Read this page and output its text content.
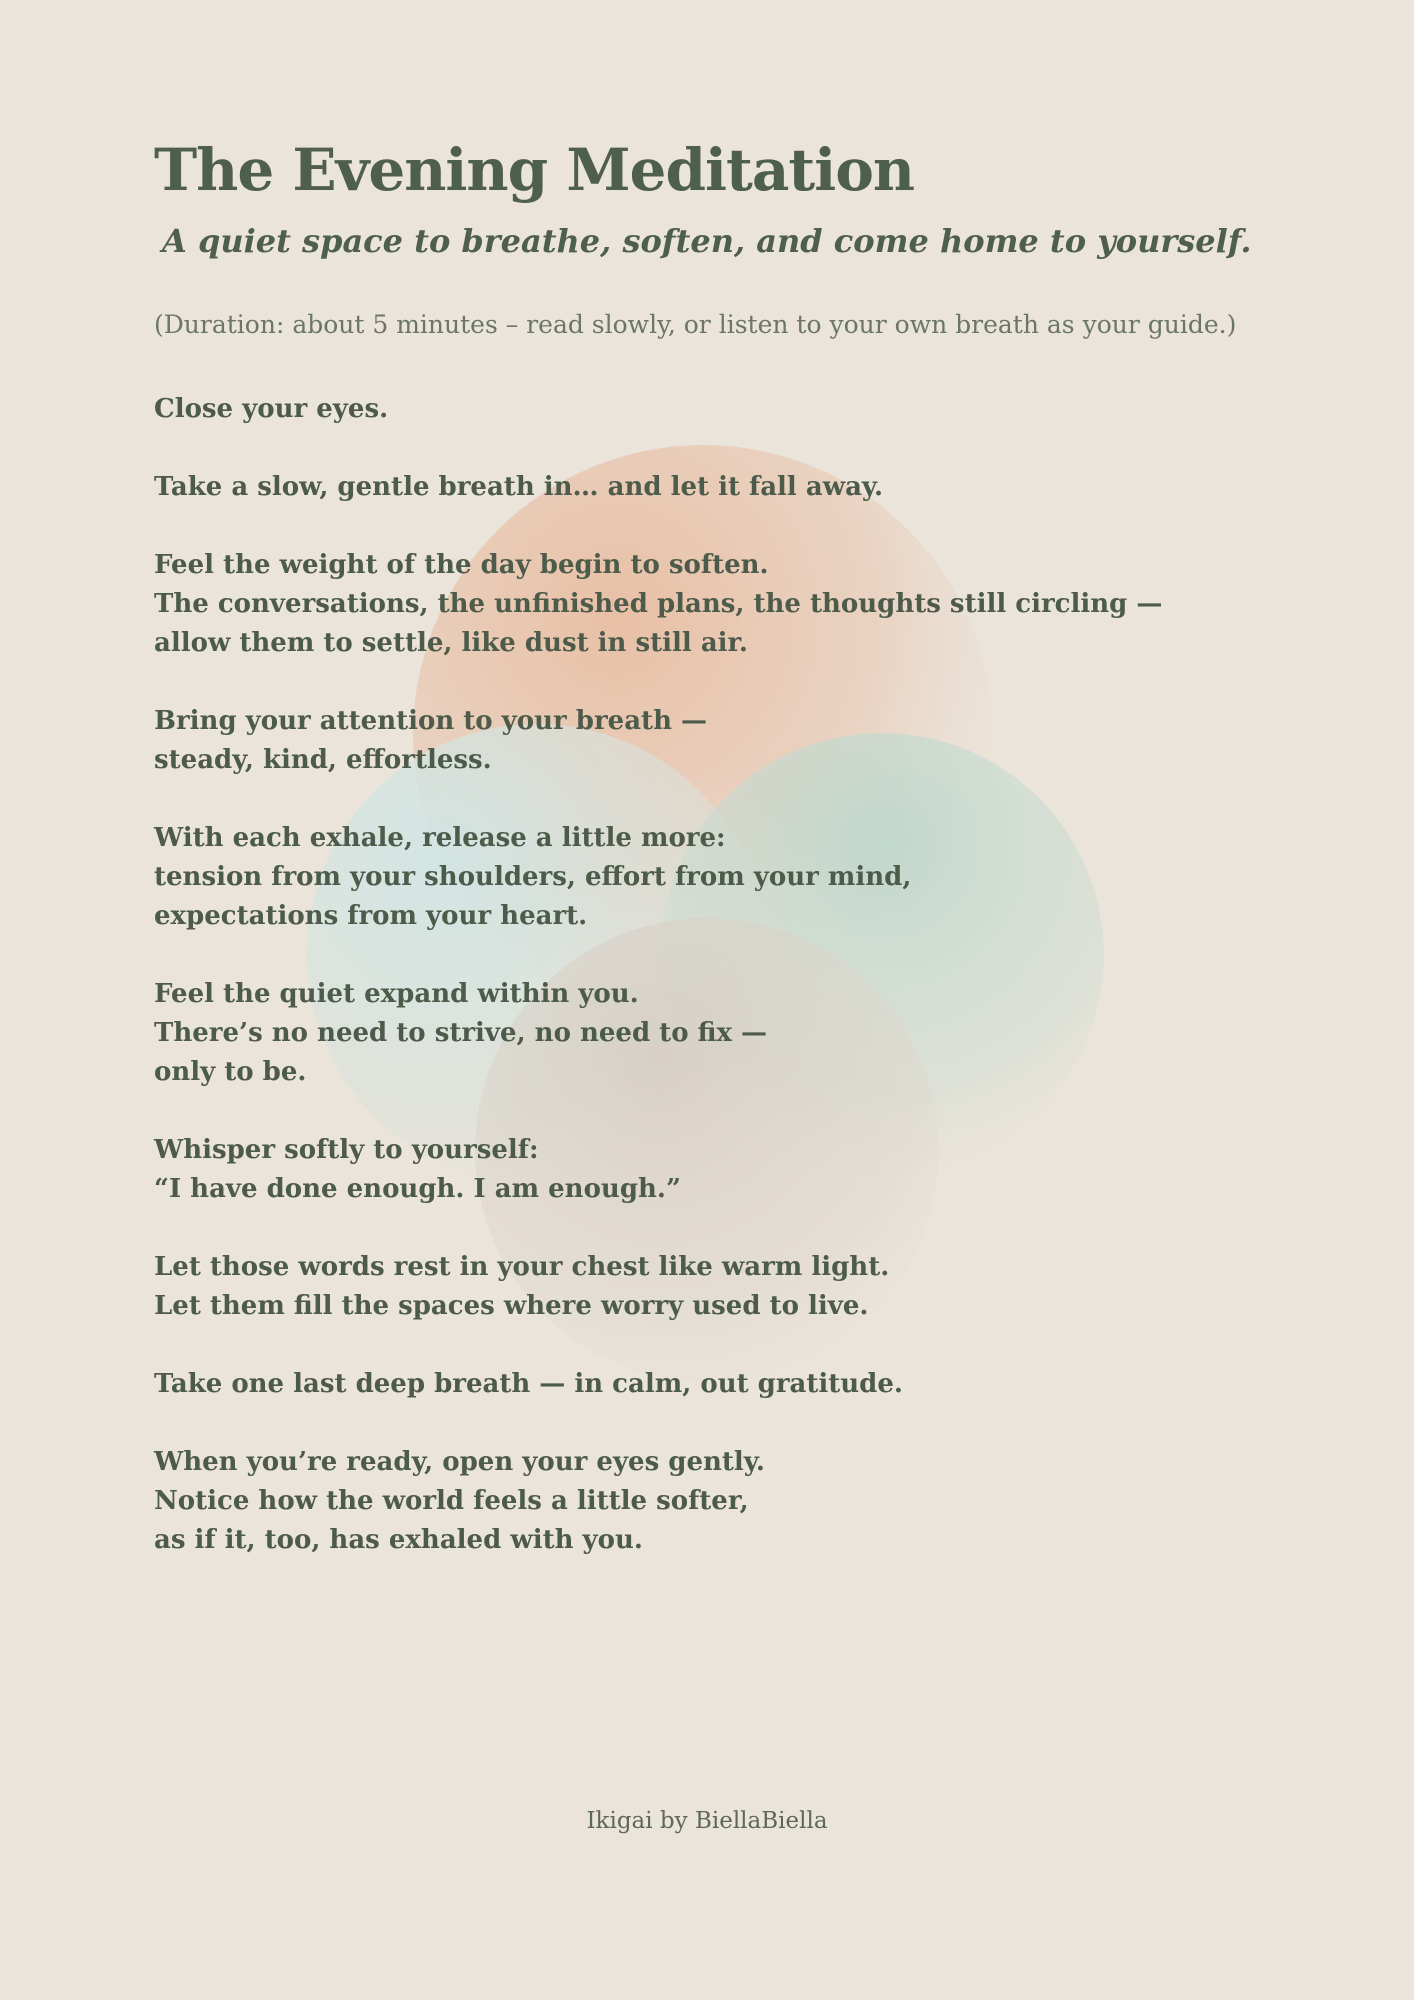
The Evening Meditation
A quiet space to breathe, soften, and come home to yourself.

(Duration: about 5 minutes – read slowly, or listen to your own breath as your guide.)

Close your eyes.
Take a slow, gentle breath in… and let it fall away.
Feel the weight of the day begin to soften.
The conversations, the unfinished plans, the thoughts still circling —
allow them to settle, like dust in still air.
Bring your attention to your breath —
steady, kind, effortless.
With each exhale, release a little more:
tension from your shoulders, effort from your mind,
expectations from your heart.
Feel the quiet expand within you.
There’s no need to strive, no need to fix —
only to be.
Whisper softly to yourself:
“I have done enough. I am enough.”
Let those words rest in your chest like warm light.
Let them fill the spaces where worry used to live.
Take one last deep breath — in calm, out gratitude.
When you’re ready, open your eyes gently.
Notice how the world feels a little softer,
as if it, too, has exhaled with you.

Ikigai by BiellaBiella
